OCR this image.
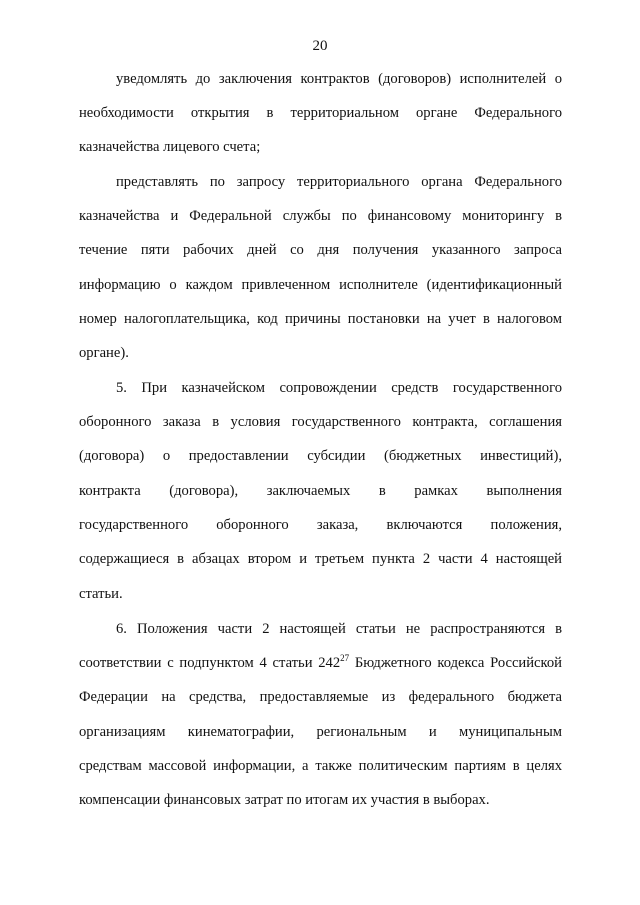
20
уведомлять до заключения контрактов (договоров) исполнителей о
необходимости открытия в территориальном органе Федерального
казначейства лицевого счета;
представлять по запросу территориального органа Федерального
казначейства и Федеральной службы по финансовому мониторингу в
течение пяти рабочих дней со дня получения указанного запроса
информацию о каждом привлеченном исполнителе (идентификационный
номер налогоплательщика, код причины постановки на учет в налоговом
органе).
5. При казначейском сопровождении средств государственного
оборонного заказа в условия государственного контракта, соглашения
(договора) о предоставлении субсидии (бюджетных инвестиций),
контракта (договора), заключаемых в рамках выполнения
государственного оборонного заказа, включаются положения,
содержащиеся в абзацах втором и третьем пункта 2 части 4 настоящей
статьи.
6. Положения части 2 настоящей статьи не распространяются в
соответствии с подпунктом 4 статьи $242^{27}$ Бюджетного кодекса Российской
Федерации на средства, предоставляемые из федерального бюджета
организациям кинематографии, региональным и муниципальным
средствам массовой информации, а также политическим партиям в целях
компенсации финансовых затрат по итогам их участия в выборах.
